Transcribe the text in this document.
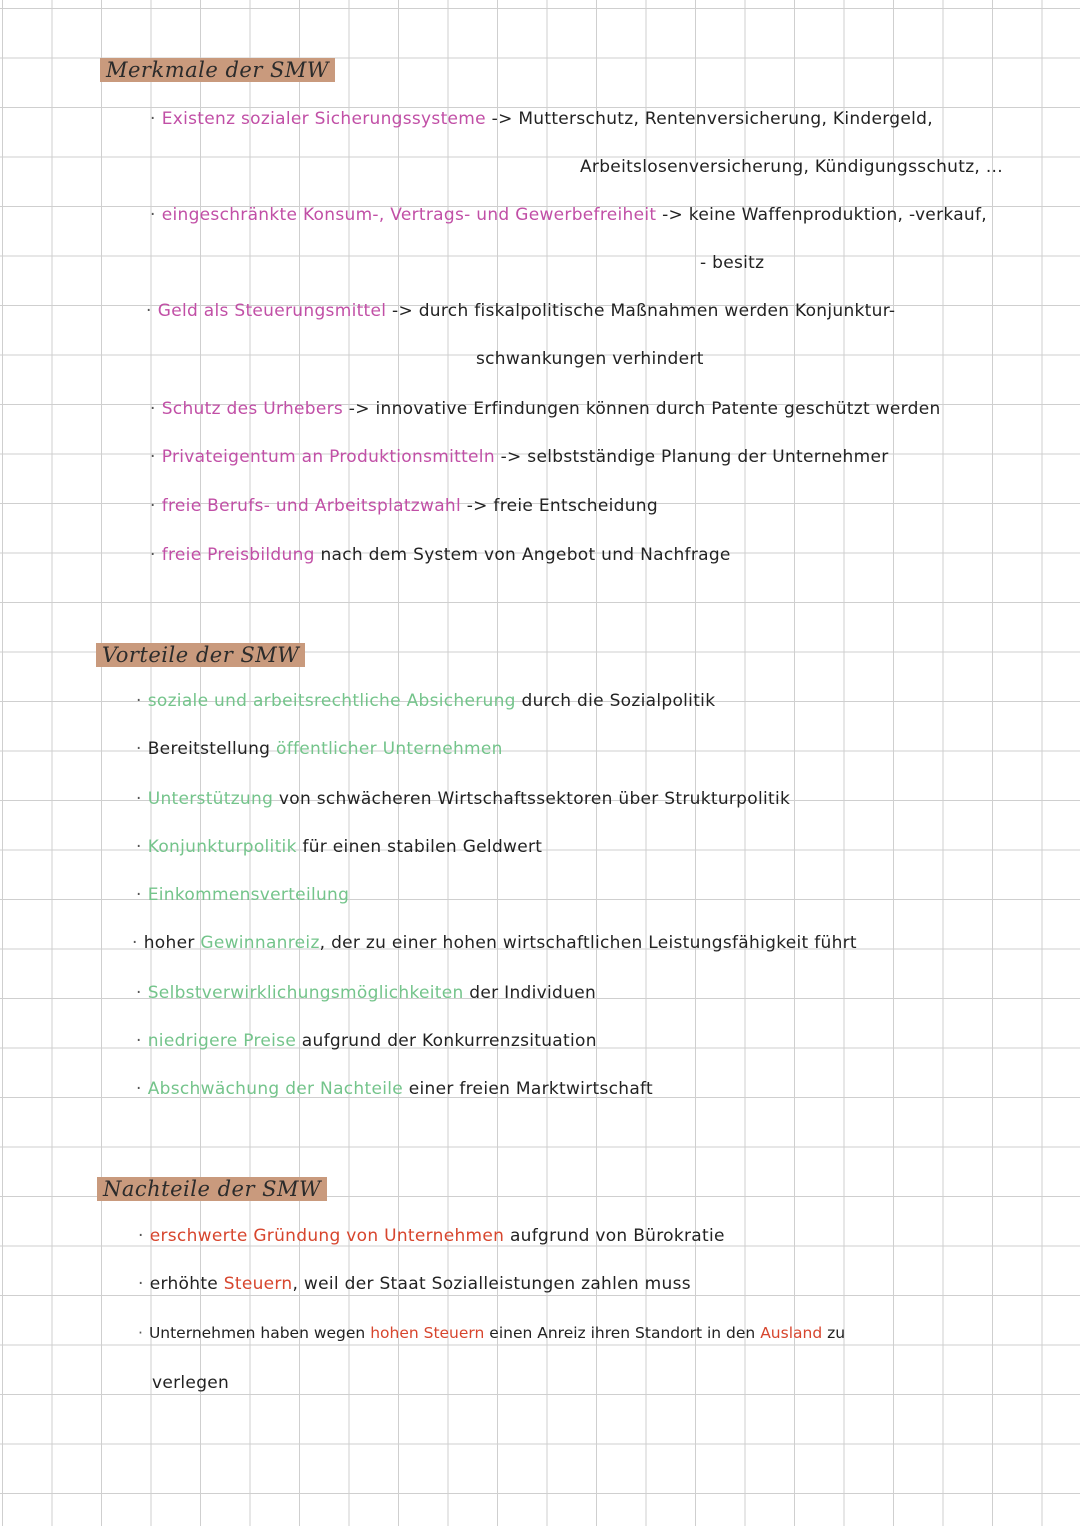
Merkmale der SMW
· Existenz sozialer Sicherungssysteme -> Mutterschutz, Rentenversicherung, Kindergeld,
Arbeitslosenversicherung, Kündigungsschutz, ...
· eingeschränkte Konsum-, Vertrags- und Gewerbefreiheit -> keine Waffenproduktion, -verkauf,
- besitz
· Geld als Steuerungsmittel -> durch fiskalpolitische Maßnahmen werden Konjunktur-
schwankungen verhindert
· Schutz des Urhebers -> innovative Erfindungen können durch Patente geschützt werden
· Privateigentum an Produktionsmitteln -> selbstständige Planung der Unternehmer
· freie Berufs- und Arbeitsplatzwahl -> freie Entscheidung
· freie Preisbildung nach dem System von Angebot und Nachfrage
Vorteile der SMW
· soziale und arbeitsrechtliche Absicherung durch die Sozialpolitik
· Bereitstellung öffentlicher Unternehmen
· Unterstützung von schwächeren Wirtschaftssektoren über Strukturpolitik
· Konjunkturpolitik für einen stabilen Geldwert
· Einkommensverteilung
· hoher Gewinnanreiz, der zu einer hohen wirtschaftlichen Leistungsfähigkeit führt
· Selbstverwirklichungsmöglichkeiten der Individuen
· niedrigere Preise aufgrund der Konkurrenzsituation
· Abschwächung der Nachteile einer freien Marktwirtschaft
Nachteile der SMW
· erschwerte Gründung von Unternehmen aufgrund von Bürokratie
· erhöhte Steuern, weil der Staat Sozialleistungen zahlen muss
· Unternehmen haben wegen hohen Steuern einen Anreiz ihren Standort in den Ausland zu
verlegen
